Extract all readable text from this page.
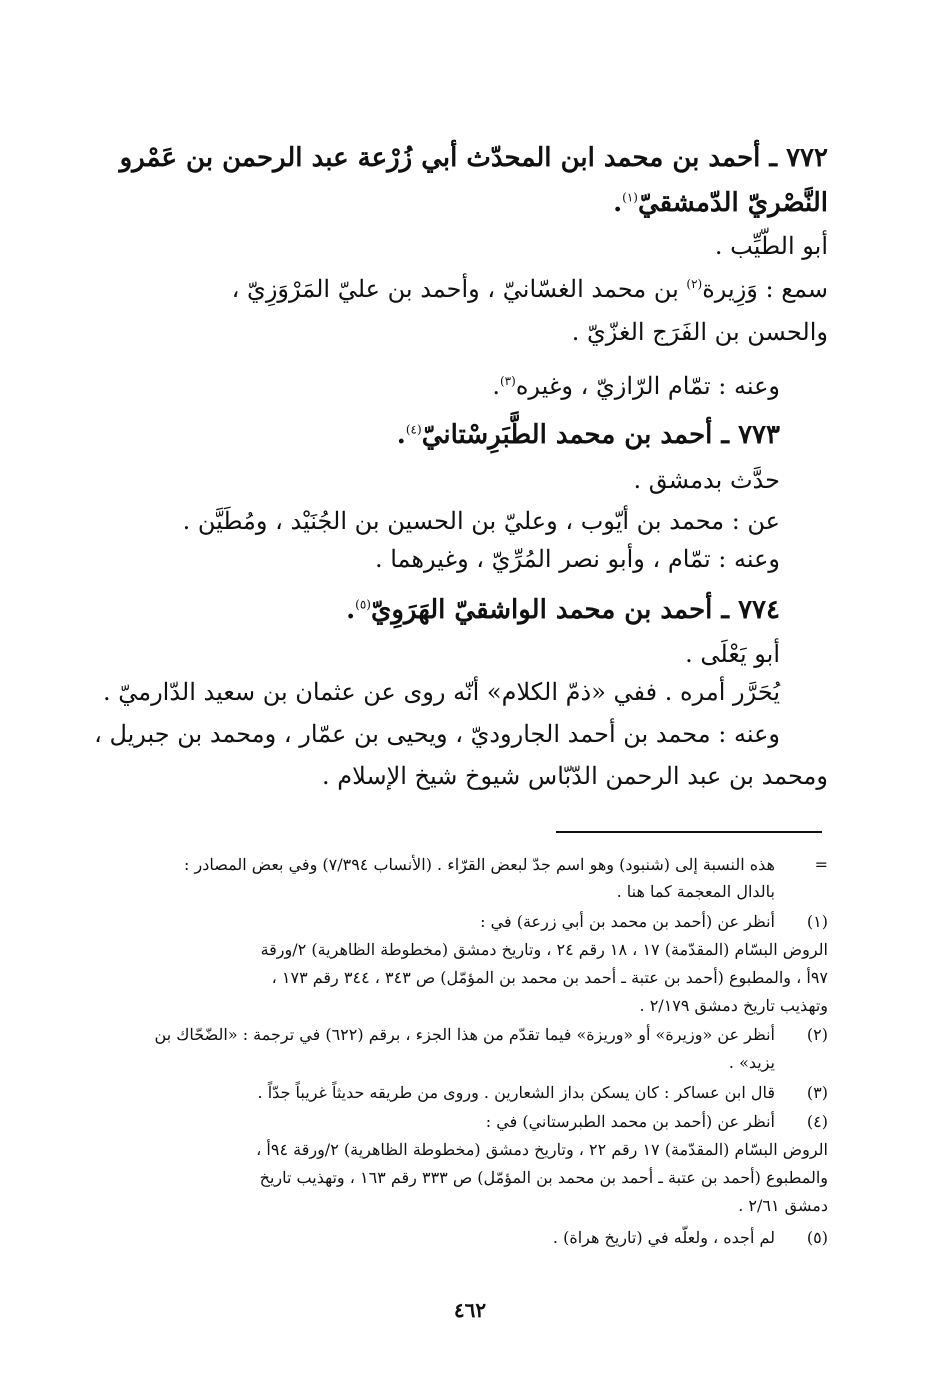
٧٧٢ ـ أحمد بن محمد ابن المحدّث أبي زُرْعة عبد الرحمن بن عَمْرو
النَّصْريّ الدّمشقيّ$^{(١)}$.
أبو الطّيِّب .
سمع : وَزِيرة$^{(٢)}$ بن محمد الغسّانيّ ، وأحمد بن عليّ المَرْوَزِيّ ،
والحسن بن الفَرَج الغزّيّ .
وعنه : تمّام الرّازيّ ، وغيره$^{(٣)}$.
٧٧٣ ـ أحمد بن محمد الطَّبَرِسْتانيّ$^{(٤)}$.
حدَّث بدمشق .
عن : محمد بن أيّوب ، وعليّ بن الحسين بن الجُنَيْد ، ومُطَيَّن .
وعنه : تمّام ، وأبو نصر المُرِّيّ ، وغيرهما .
٧٧٤ ـ أحمد بن محمد الواشقيّ الهَرَوِيّ$^{(٥)}$.
أبو يَعْلَى .
يُحَرَّر أمره . ففي «ذمّ الكلام» أنّه روى عن عثمان بن سعيد الدّارميّ .
وعنه : محمد بن أحمد الجاروديّ ، ويحيى بن عمّار ، ومحمد بن جبريل ،
ومحمد بن عبد الرحمن الدّبّاس شيوخ شيخ الإسلام .
=
هذه النسبة إلى (شنبود) وهو اسم جدّ لبعض القرّاء . (الأنساب ٧/٣٩٤) وفي بعض المصادر :
بالدال المعجمة كما هنا .
(١)
أنظر عن (أحمد بن محمد بن أبي زرعة) في :
الروض البسّام (المقدّمة) ١٧ ، ١٨ رقم ٢٤ ، وتاريخ دمشق (مخطوطة الظاهرية) ٢/ورقة
٩٧أ ، والمطبوع (أحمد بن عتبة ـ أحمد بن محمد بن المؤمّل) ص ٣٤٣ ، ٣٤٤ رقم ١٧٣ ،
وتهذيب تاريخ دمشق ٢/١٧٩ .
(٢)
أنظر عن «وزيرة» أو «وريزة» فيما تقدّم من هذا الجزء ، برقم (٦٢٢) في ترجمة : «الضّحّاك بن
يزيد» .
(٣)
قال ابن عساكر : كان يسكن بداز الشعارين . وروى من طريقه حديثاً غريباً جدّاً .
(٤)
أنظر عن (أحمد بن محمد الطبرستاني) في :
الروض البسّام (المقدّمة) ١٧ رقم ٢٢ ، وتاريخ دمشق (مخطوطة الظاهرية) ٢/ورقة ٩٤أ ،
والمطبوع (أحمد بن عتبة ـ أحمد بن محمد بن المؤمّل) ص ٣٣٣ رقم ١٦٣ ، وتهذيب تاريخ
دمشق ٢/٦١ .
(٥)
لم أجده ، ولعلّه في (تاريخ هراة) .
٤٦٢
